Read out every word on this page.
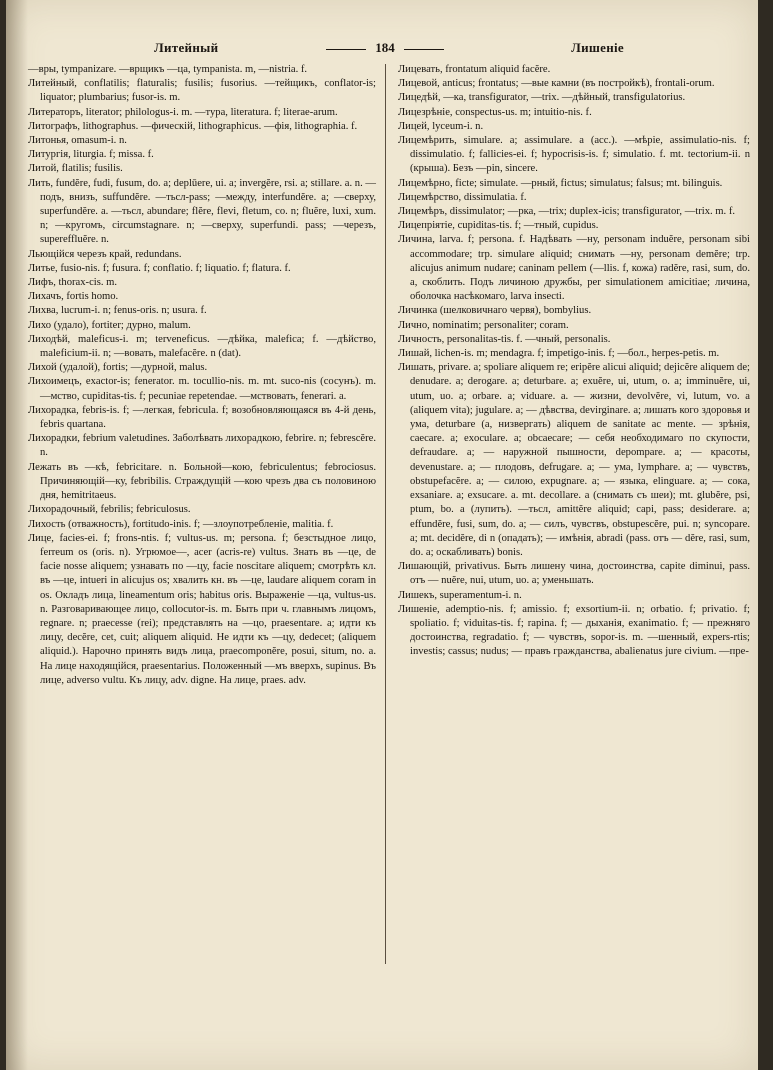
Литейный	184	Лишеніе

—вры, tympanizare. —врщикъ —ца, tympanista. m, —nistria. f.

Литейный, conflatilis; flaturalis; fusilis; fusorius. —тейщикъ, conflator-is; liquator; plumbarius; fusor-is. m.

Литераторъ, literator; philologus-i. m. —тура, literatura. f; literae-arum.

Литографъ, lithographus. —фическій, lithographicus. —фія, lithographia. f.

Литонья, omasum-i. n.

Литургія, liturgia. f; missa. f.

Литой, flatilis; fusilis.

Лить, fundĕre, fudi, fusum, do. a; deplūere, ui. a; invergĕre, rsi. a; stillare. a. n. —подъ, внизъ, suffundĕre. —тьсл-pass; —между, interfundĕre. a; —сверху, superfundĕre. a. —тьсл, abundare; flĕre, flevi, fletum, co. n; fluĕre, luxi, xum. n; —кругомъ, circumstagnare. n; —сверху, superfundi. pass; —черезъ, supereffluĕre. n.

Льющійся черезъ край, redundans.

Литье, fusio-nis. f; fusura. f; conflatio. f; liquatio. f; flatura. f.

Лифъ, thorax-cis. m.

Лихачъ, fortis homo.

Лихва, lucrum-i. n; fenus-oris. n; usura. f.

Лихо (удало), fortiter; дурно, malum.

Лиходѣй, maleficus-i. m; terveneficus. —дѣйка, malefica; f. —дѣйство, maleficium-ii. n; —вовать, malefacĕre. n (dat).

Лихой (удалой), fortis; —дурной, malus.

Лихоимецъ, exactor-is; fenerator. m. toculliо-nis. m. mt. suco-nis (сосунъ). m. —мство, cupiditas-tis. f; pecuniae repetendae. —мствовать, fenerari. a.

Лихорадка, febris-is. f; —легкая, febricula. f; возобновляющаяся въ 4-й день, febris quartana.

Лихорадки, febrium valetudines. Заболѣвать лихорадкою, febrire. n; febrescĕre. n.

Лежать въ —кѣ, febricitare. n. Больной—кою, febriculentus; febrociosus. Причиняющій—ку, febribilis. Страждущій —кою чрезъ два съ половиною дня, hemitritaeus.

Лихорадочный, febrilis; febriculosus.

Лихость (отважность), fortitudo-inis. f; —злоупотребленіе, malitia. f.

Лице, facies-ei. f; frons-ntis. f; vultus-us. m; persona. f; безстыдное лицо, ferreum os (oris. n). Угрюмое—, acer (acris-re) vultus. Знать въ —це, de facie nosse aliquem; узнавать по —цу, facie noscitare aliquem; смотрѣть кл. въ —це, intueri in alicujus os; хвалить кн. въ —це, laudare aliquem coram in os. Окладъ лица, lineamentum oris; habitus oris. Выраженіе —ца, vultus-us. n. Разговаривающее лицо, collocutor-is. m. Быть при ч. главнымъ лицомъ, regnare. n; praecesse (rei); представлять на —цо, praesentare. a; идти къ лицу, decĕre, cet, cuit; aliquem aliquid. Не идти къ —цу, dedecet; (aliquem aliquid.). Нарочно принять видъ лица, praecomponĕre, posui, situm, no. a. На лице находящійся, praesentarius. Положенный —мъ вверхъ, supinus. Въ лице, adverso vultu. Къ лицу, adv. digne. На лице, praes. adv.

Лицевать, frontatum aliquid facĕre.

Лицевой, anticus; frontatus; —вые камни (въ постройкѣ), frontali-orum.

Лицедѣй, —ка, transfigurator, —trix. —дѣйный, transfigulatorius.

Лицезрѣніе, conspectus-us. m; intuitio-nis. f.

Лицей, lyceum-i. n.

Лицемѣрить, simulare. a; assimulare. a (acc.). —мѣріе, assimulatio-nis. f; dissimulatio. f; fallicies-ei. f; hypocrisis-is. f; simulatio. f. mt. tectorium-ii. n (крыша). Безъ —pin, sincere.

Лицемѣрно, ficte; simulate. —рный, fictus; simulatus; falsus; mt. bilinguis.

Лицемѣрство, dissimulatia. f.

Лицемѣръ, dissimulator; —рка, —trix; duplex-icis; transfigurator, —trix. m. f.

Лицепріятіе, cupiditas-tis. f; —тный, cupidus.

Личина, larva. f; persona. f. Надѣвать —ну, personam induĕre, personam sibi accommodare; trp. simulare aliquid; снимать —ну, personam demĕre; trp. alicujus animum nudare; caninam pellem (—llis. f, кожа) radĕre, rasi, sum, do. a, скоблить. Подъ личиною дружбы, per simulationem amicitiae; личина, оболочка насѣкомаго, larva insecti.

Личинка (шелковичнаго червя), bombylius.

Лично, nominatim; personaliter; coram.

Личность, personalitas-tis. f. —чный, personalis.

Лишай, lichen-is. m; mendagra. f; impetigo-inis. f; —бол., herpes-petis. m.

Лишать, privare. a; spoliare aliquem re; eripĕre alicui aliquid; dejicĕre aliquem de; denudare. a; derogare. a; deturbare. a; exuĕre, ui, utum, o. a; imminuĕre, ui, utum, uo. a; orbare. a; viduare. a. — жизни, devolvĕre, vi, lutum, vo. a (aliquem vita); jugulare. a; — дѣвства, devirginare. a; лишать кого здоровья и ума, deturbare (a, низвергать) aliquem de sanitate ac mente. — зрѣнія, caecare. a; exoculare. a; obcaecare; — себя необходимаго по скупости, defraudare. a; — наружной пышности, depompare. a; — красоты, devenustare. a; — плодовъ, defrugare. a; — ума, lymphare. a; — чувствъ, obstupefacĕre. a; — силою, expugnare. a; — языка, elinguare. a; — сока, exsaniare. a; exsucare. a. mt. decollare. a (снимать съ шеи); mt. glubĕre, psi, ptum, bo. a (лупить). —тьсл, amittĕre aliquid; capi, pass; desiderare. a; effundĕre, fusi, sum, do. a; — силъ, чувствъ, obstupescĕre, pui. n; syncopare. a; mt. decidĕre, di n (опадать); — имѣнія, abradi (pass. отъ — dĕre, rasi, sum, do. a; оскабливать) bonis.

Лишающій, privativus. Быть лишену чина, достоинства, capite diminui, pass. отъ — nuĕre, nui, utum, uo. a; уменьшать.

Лишекъ, superamentum-i. n.

Лишеніе, ademptio-nis. f; amissio. f; exsortium-ii. n; orbatio. f; privatio. f; spoliatio. f; viduitas-tis. f; rapina. f; — дыханія, exanimatio. f; — прежняго достоинства, regradatio. f; — чувствъ, sopor-is. m. —шенный, expers-rtis; investis; cassus; nudus; — правъ гражданства, abalienatus jure civium. —пре-
